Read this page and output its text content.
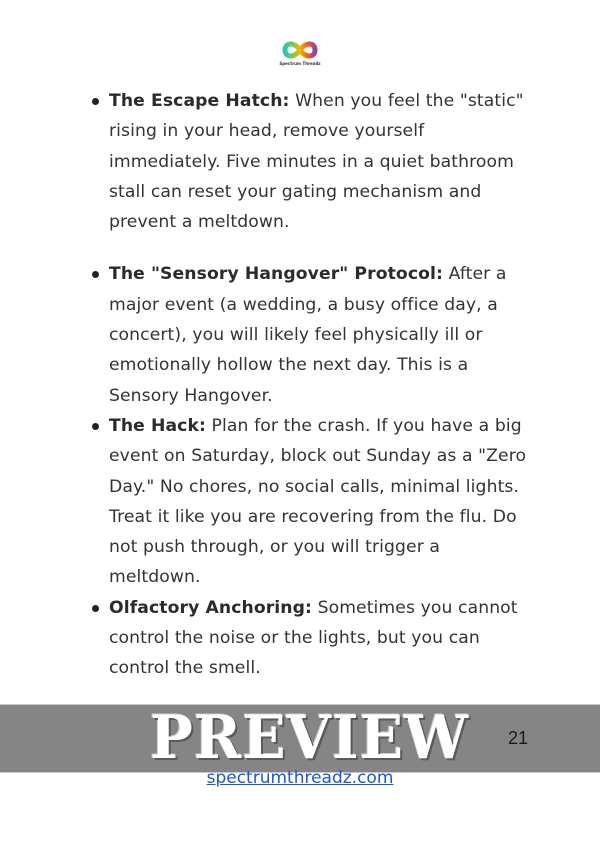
Spectrum Threadz
The Escape Hatch: When you feel the "static" rising in your head, remove yourself immediately. Five minutes in a quiet bathroom stall can reset your gating mechanism and prevent a meltdown.
The "Sensory Hangover" Protocol: After a major event (a wedding, a busy office day, a concert), you will likely feel physically ill or emotionally hollow the next day. This is a Sensory Hangover.
The Hack: Plan for the crash. If you have a big event on Saturday, block out Sunday as a "Zero Day." No chores, no social calls, minimal lights. Treat it like you are recovering from the flu. Do not push through, or you will trigger a meltdown.
Olfactory Anchoring: Sometimes you cannot control the noise or the lights, but you can control the smell.
PREVIEW 21
spectrumthreadz.com
